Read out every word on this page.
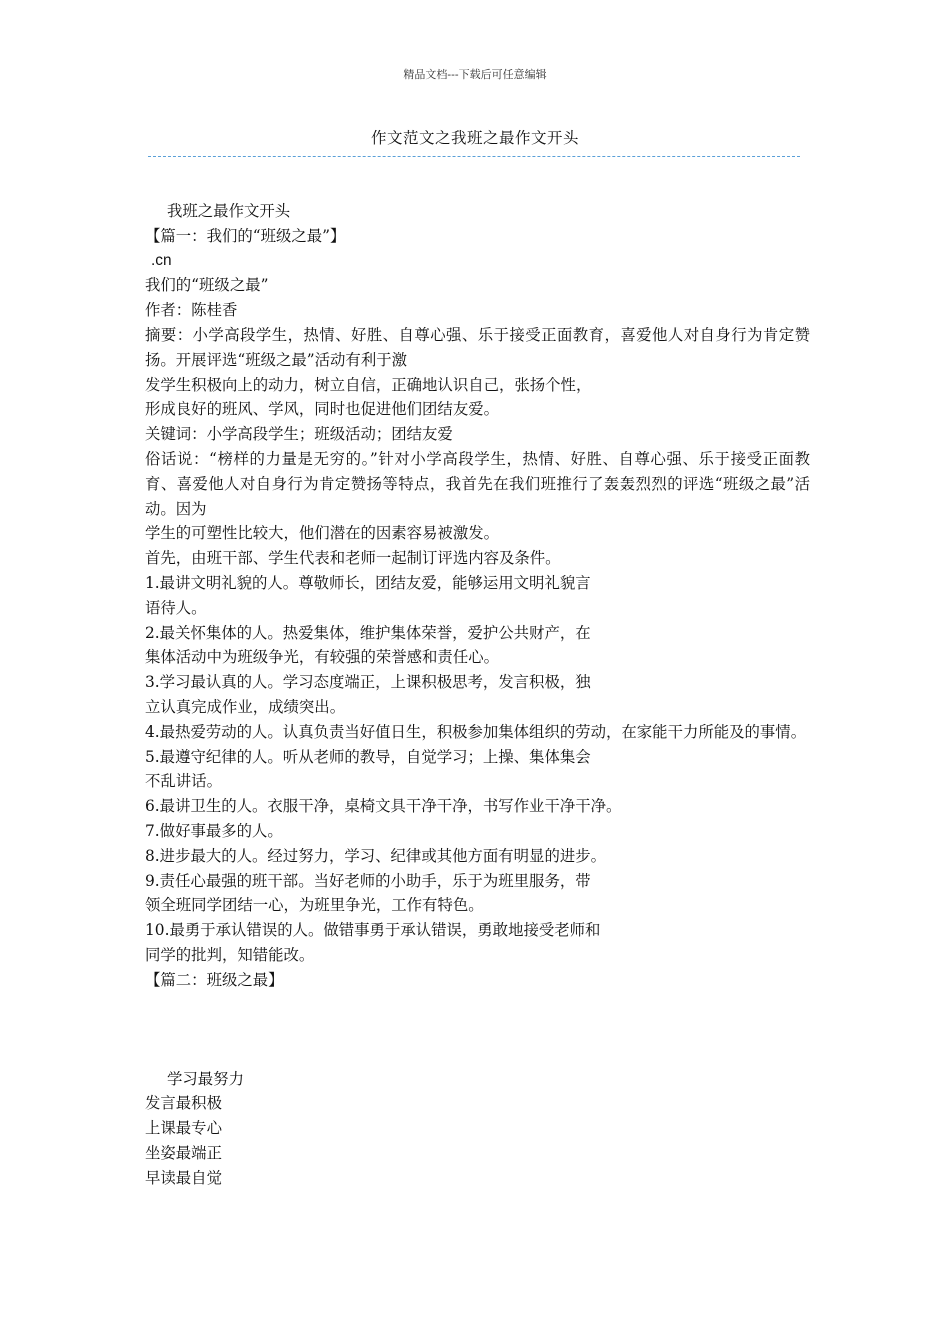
精品文档---下载后可任意编辑
作文范文之我班之最作文开头
我班之最作文开头
【篇一：我们的“班级之最”】
.cn
我们的“班级之最”
作者：陈桂香
摘要：小学高段学生，热情、好胜、自尊心强、乐于接受正面教育，喜爱他人对自身行为肯定赞扬。开展评选“班级之最”活动有利于激
发学生积极向上的动力，树立自信，正确地认识自己，张扬个性，
形成良好的班风、学风，同时也促进他们团结友爱。
关键词：小学高段学生；班级活动；团结友爱
俗话说：“榜样的力量是无穷的。”针对小学高段学生，热情、好胜、自尊心强、乐于接受正面教育、喜爱他人对自身行为肯定赞扬等特点，我首先在我们班推行了轰轰烈烈的评选“班级之最”活动。因为
学生的可塑性比较大，他们潜在的因素容易被激发。
首先，由班干部、学生代表和老师一起制订评选内容及条件。
1.最讲文明礼貌的人。尊敬师长，团结友爱，能够运用文明礼貌言
语待人。
2.最关怀集体的人。热爱集体，维护集体荣誉，爱护公共财产，在
集体活动中为班级争光，有较强的荣誉感和责任心。
3.学习最认真的人。学习态度端正，上课积极思考，发言积极，独
立认真完成作业，成绩突出。
4.最热爱劳动的人。认真负责当好值日生，积极参加集体组织的劳动，在家能干力所能及的事情。
5.最遵守纪律的人。听从老师的教导，自觉学习；上操、集体集会
不乱讲话。
6.最讲卫生的人。衣服干净，桌椅文具干净干净，书写作业干净干净。
7.做好事最多的人。
8.进步最大的人。经过努力，学习、纪律或其他方面有明显的进步。
9.责任心最强的班干部。当好老师的小助手，乐于为班里服务，带
领全班同学团结一心，为班里争光，工作有特色。
10.最勇于承认错误的人。做错事勇于承认错误，勇敢地接受老师和
同学的批判，知错能改。
【篇二：班级之最】
学习最努力
发言最积极
上课最专心
坐姿最端正
早读最自觉
